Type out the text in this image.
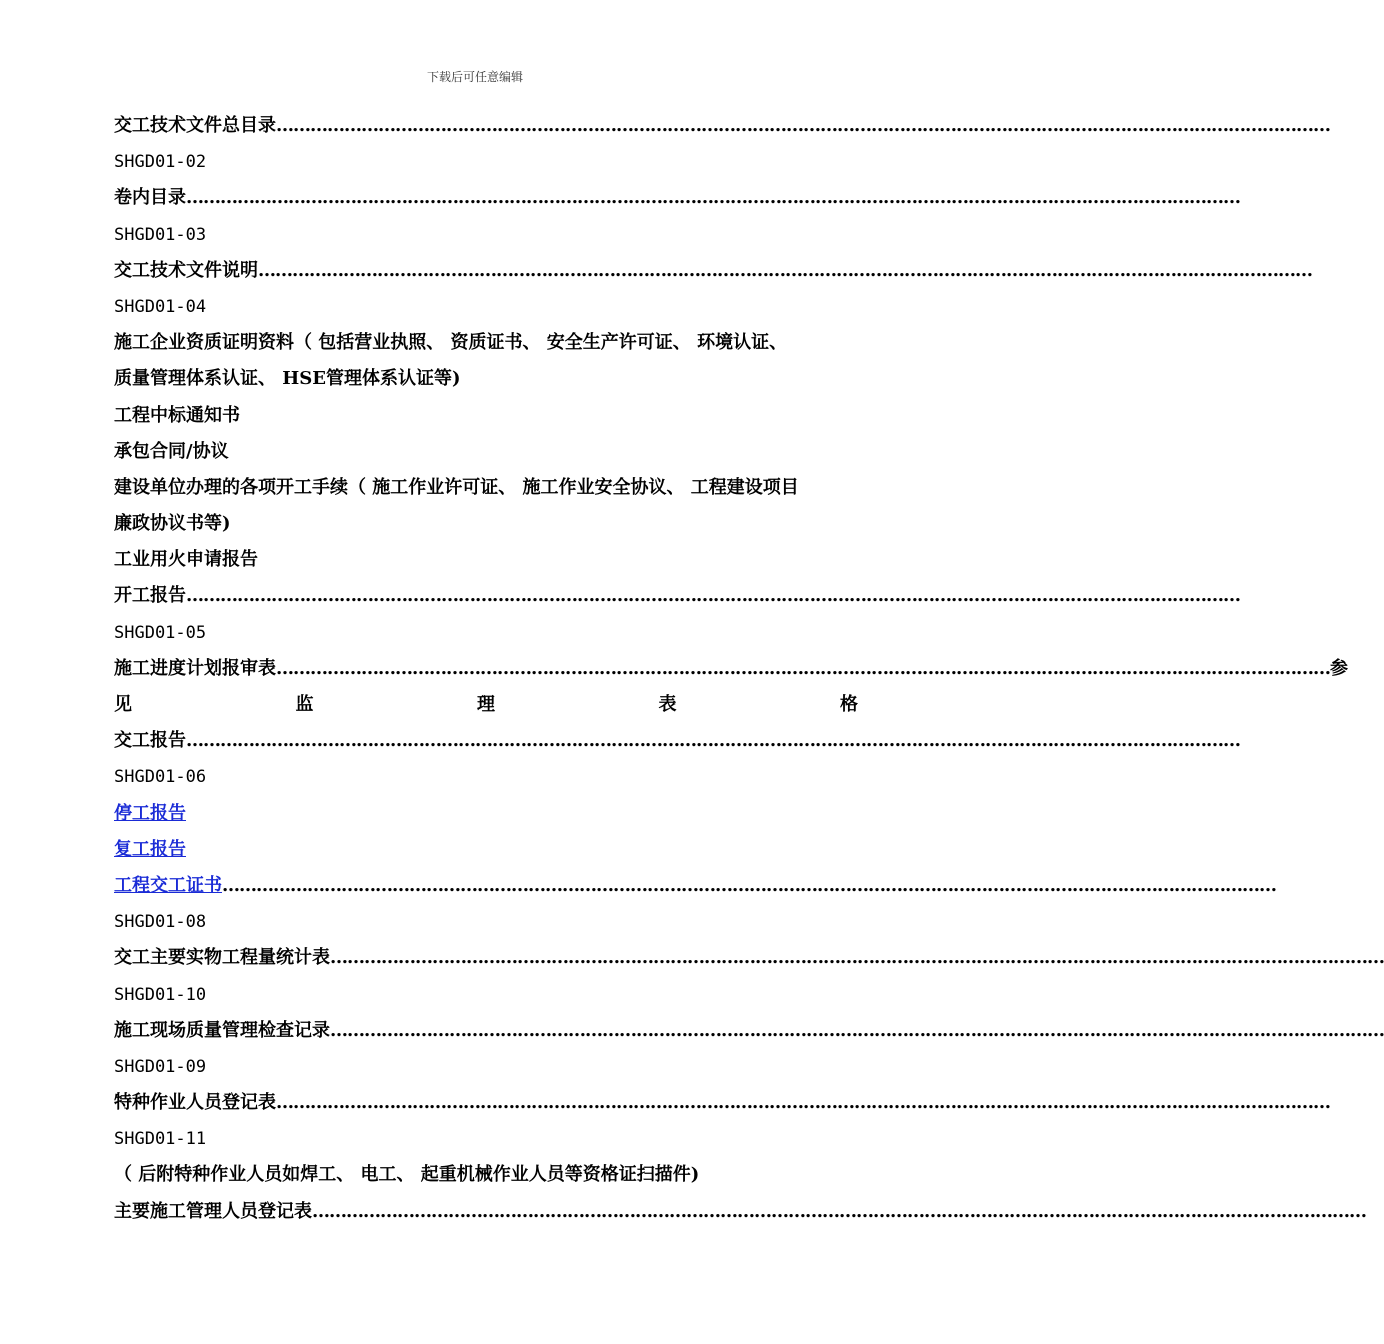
下载后可任意编辑
交工技术文件总目录 ……………………………………………………………………………………………………………………………………………………………………
SHGD01-02
卷内目录 ……………………………………………………………………………………………………………………………………………………………………
SHGD01-03
交工技术文件说明 ……………………………………………………………………………………………………………………………………………………………………
SHGD01-04
施工企业资质证明资料（ 包括营业执照、 资质证书、 安全生产许可证、 环境认证、
质量管理体系认证、 HSE管理体系认证等)
工程中标通知书
承包合同/协议
建设单位办理的各项开工手续（ 施工作业许可证、 施工作业安全协议、 工程建设项目
廉政协议书等)
工业用火申请报告
开工报告 ……………………………………………………………………………………………………………………………………………………………………
SHGD01-05
施工进度计划报审表 …………………………………………………………………………………………………………………………………………………………………… 参
见	监	理	表	格
交工报告 ……………………………………………………………………………………………………………………………………………………………………
SHGD01-06
停工报告
复工报告
工程交工证书 ……………………………………………………………………………………………………………………………………………………………………
SHGD01-08
交工主要实物工程量统计表 ……………………………………………………………………………………………………………………………………………………………………
SHGD01-10
施工现场质量管理检查记录 ……………………………………………………………………………………………………………………………………………………………………
SHGD01-09
特种作业人员登记表 ……………………………………………………………………………………………………………………………………………………………………
SHGD01-11
（ 后附特种作业人员如焊工、 电工、 起重机械作业人员等资格证扫描件)
主要施工管理人员登记表 ……………………………………………………………………………………………………………………………………………………………………
